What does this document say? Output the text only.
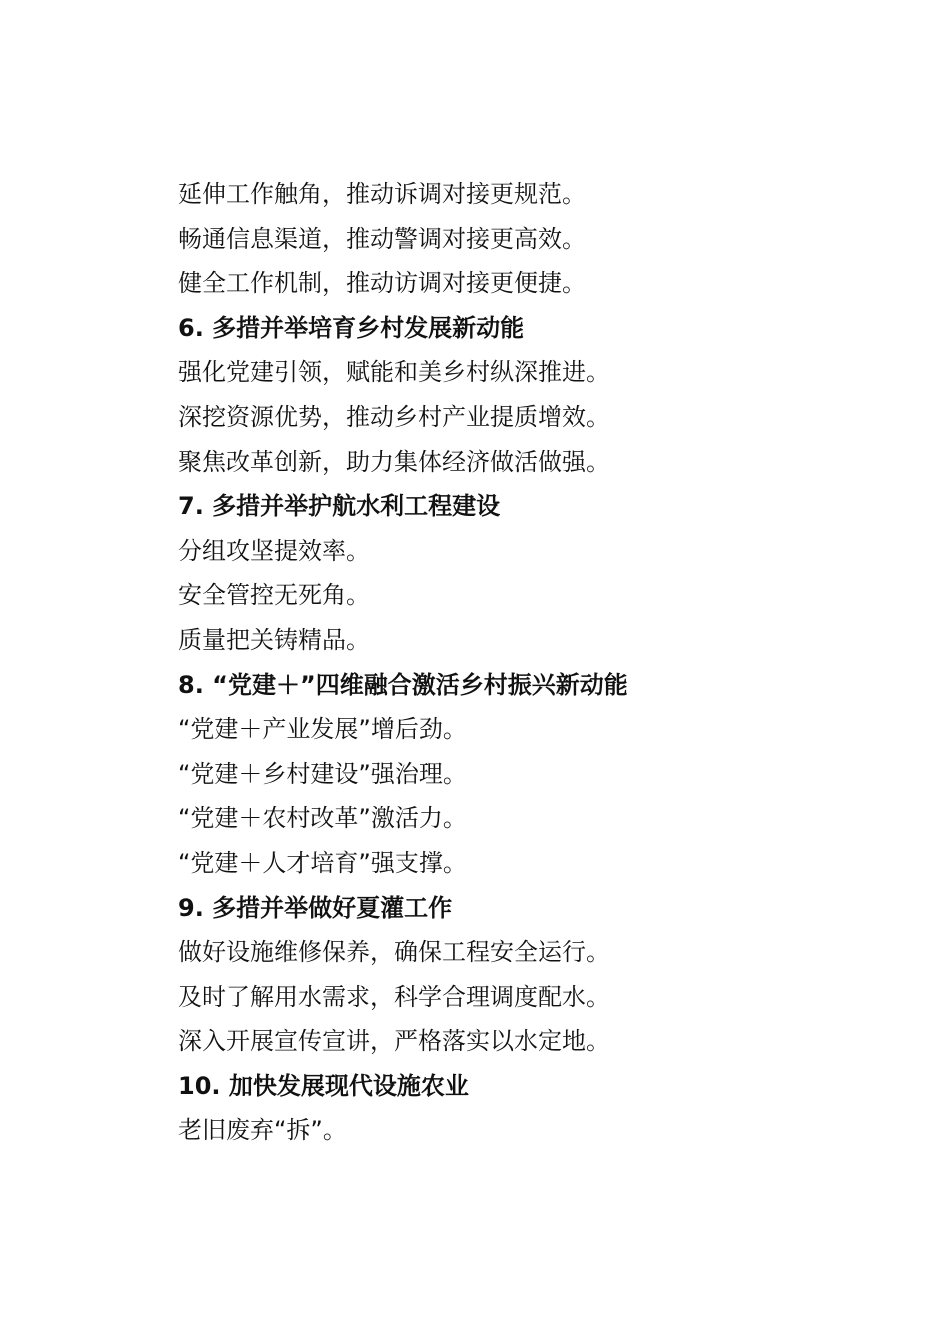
延伸工作触角，推动诉调对接更规范。
畅通信息渠道，推动警调对接更高效。
健全工作机制，推动访调对接更便捷。
6. 多措并举培育乡村发展新动能
强化党建引领，赋能和美乡村纵深推进。
深挖资源优势，推动乡村产业提质增效。
聚焦改革创新，助力集体经济做活做强。
7. 多措并举护航水利工程建设
分组攻坚提效率。
安全管控无死角。
质量把关铸精品。
8. “党建＋”四维融合激活乡村振兴新动能
“党建＋产业发展”增后劲。
“党建＋乡村建设”强治理。
“党建＋农村改革”激活力。
“党建＋人才培育”强支撑。
9. 多措并举做好夏灌工作
做好设施维修保养，确保工程安全运行。
及时了解用水需求，科学合理调度配水。
深入开展宣传宣讲，严格落实以水定地。
10. 加快发展现代设施农业
老旧废弃“拆”。
